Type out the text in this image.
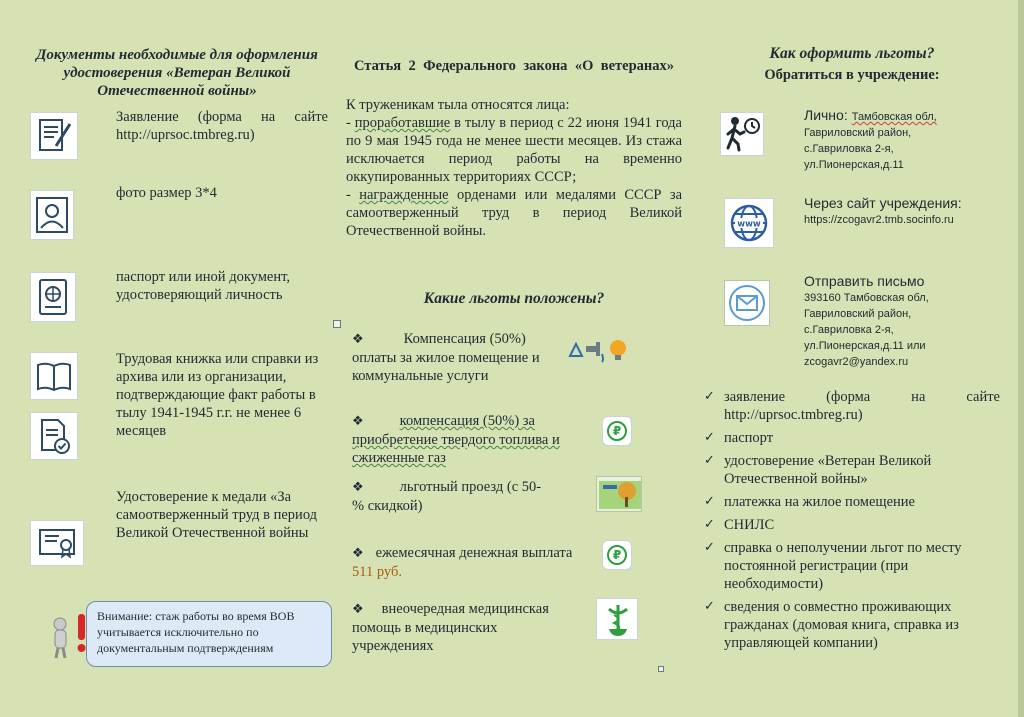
Документы необходимые для оформления удостоверения «Ветеран Великой Отечественной войны»
Заявление (форма на сайте http://uprsoc.tmbreg.ru)
фото размер 3*4
паспорт или иной документ, удостоверяющий личность
Трудовая книжка или справки из архива или из организации, подтверждающие факт работы в тылу 1941-1945 г.г. не менее 6 месяцев
Удостоверение к медали «За самоотверженный труд в период Великой Отечественной войны
Внимание: стаж работы во время ВОВ учитывается исключительно по документальным подтверждениям
Статья 2 Федерального закона «О ветеранах»
К труженикам тыла относятся лица:
- проработавшие в тылу в период с 22 июня 1941 года по 9 мая 1945 года не менее шести месяцев. Из стажа исключается период работы на временно оккупированных территориях СССР;
- награжденные орденами или медалями СССР за самоотверженный труд в период Великой Отечественной войны.
Какие льготы положены?
❖	Компенсация (50%) оплаты за жилое помещение и коммунальные услуги
❖ компенсация (50%) за приобретение твердого топлива и сжиженные газ
₽
❖ льготный проезд (с 50-% скидкой)
❖ ежемесячная денежная выплата 511 руб.
₽
❖ внеочередная медицинская помощь в медицинских учреждениях
Как оформить льготы?
Обратиться в учреждение:
Лично: Тамбовская обл,
Гавриловский район,
с.Гавриловка 2-я,
ул.Пионерская,д.11
www
Через сайт учреждения:
https://zcogavr2.tmb.socinfo.ru
Отправить письмо
393160 Тамбовская обл,
Гавриловский район,
с.Гавриловка 2-я,
ул.Пионерская,д.11 или
zcogavr2@yandex.ru
✓ заявление (форма на сайте http://uprsoc.tmbreg.ru)
✓ паспорт
✓ удостоверение «Ветеран Великой Отечественной войны»
✓ платежка на жилое помещение
✓ СНИЛС
✓ справка о неполучении льгот по месту постоянной регистрации (при необходимости)
✓ сведения о совместно проживающих гражданах (домовая книга, справка из управляющей компании)
